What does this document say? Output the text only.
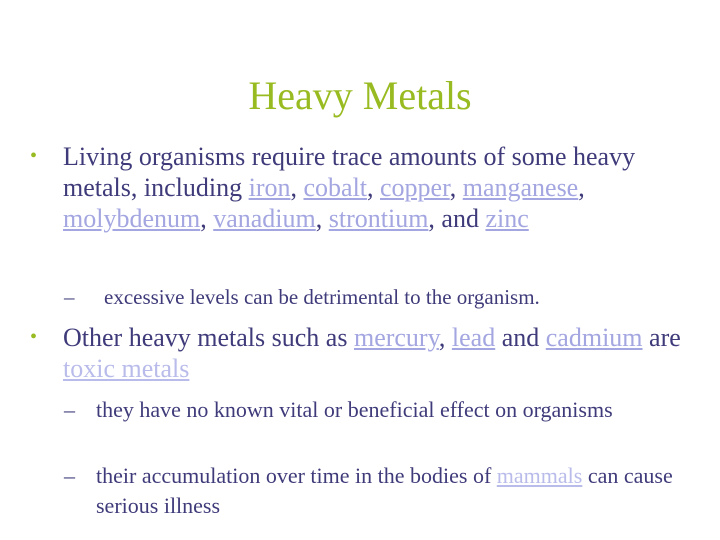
Heavy Metals
• Living organisms require trace amounts of some heavy metals, including iron, cobalt, copper, manganese, molybdenum, vanadium, strontium, and zinc
– excessive levels can be detrimental to the organism.
• Other heavy metals such as mercury, lead and cadmium are toxic metals
– they have no known vital or beneficial effect on organisms
– their accumulation over time in the bodies of mammals can cause serious illness
